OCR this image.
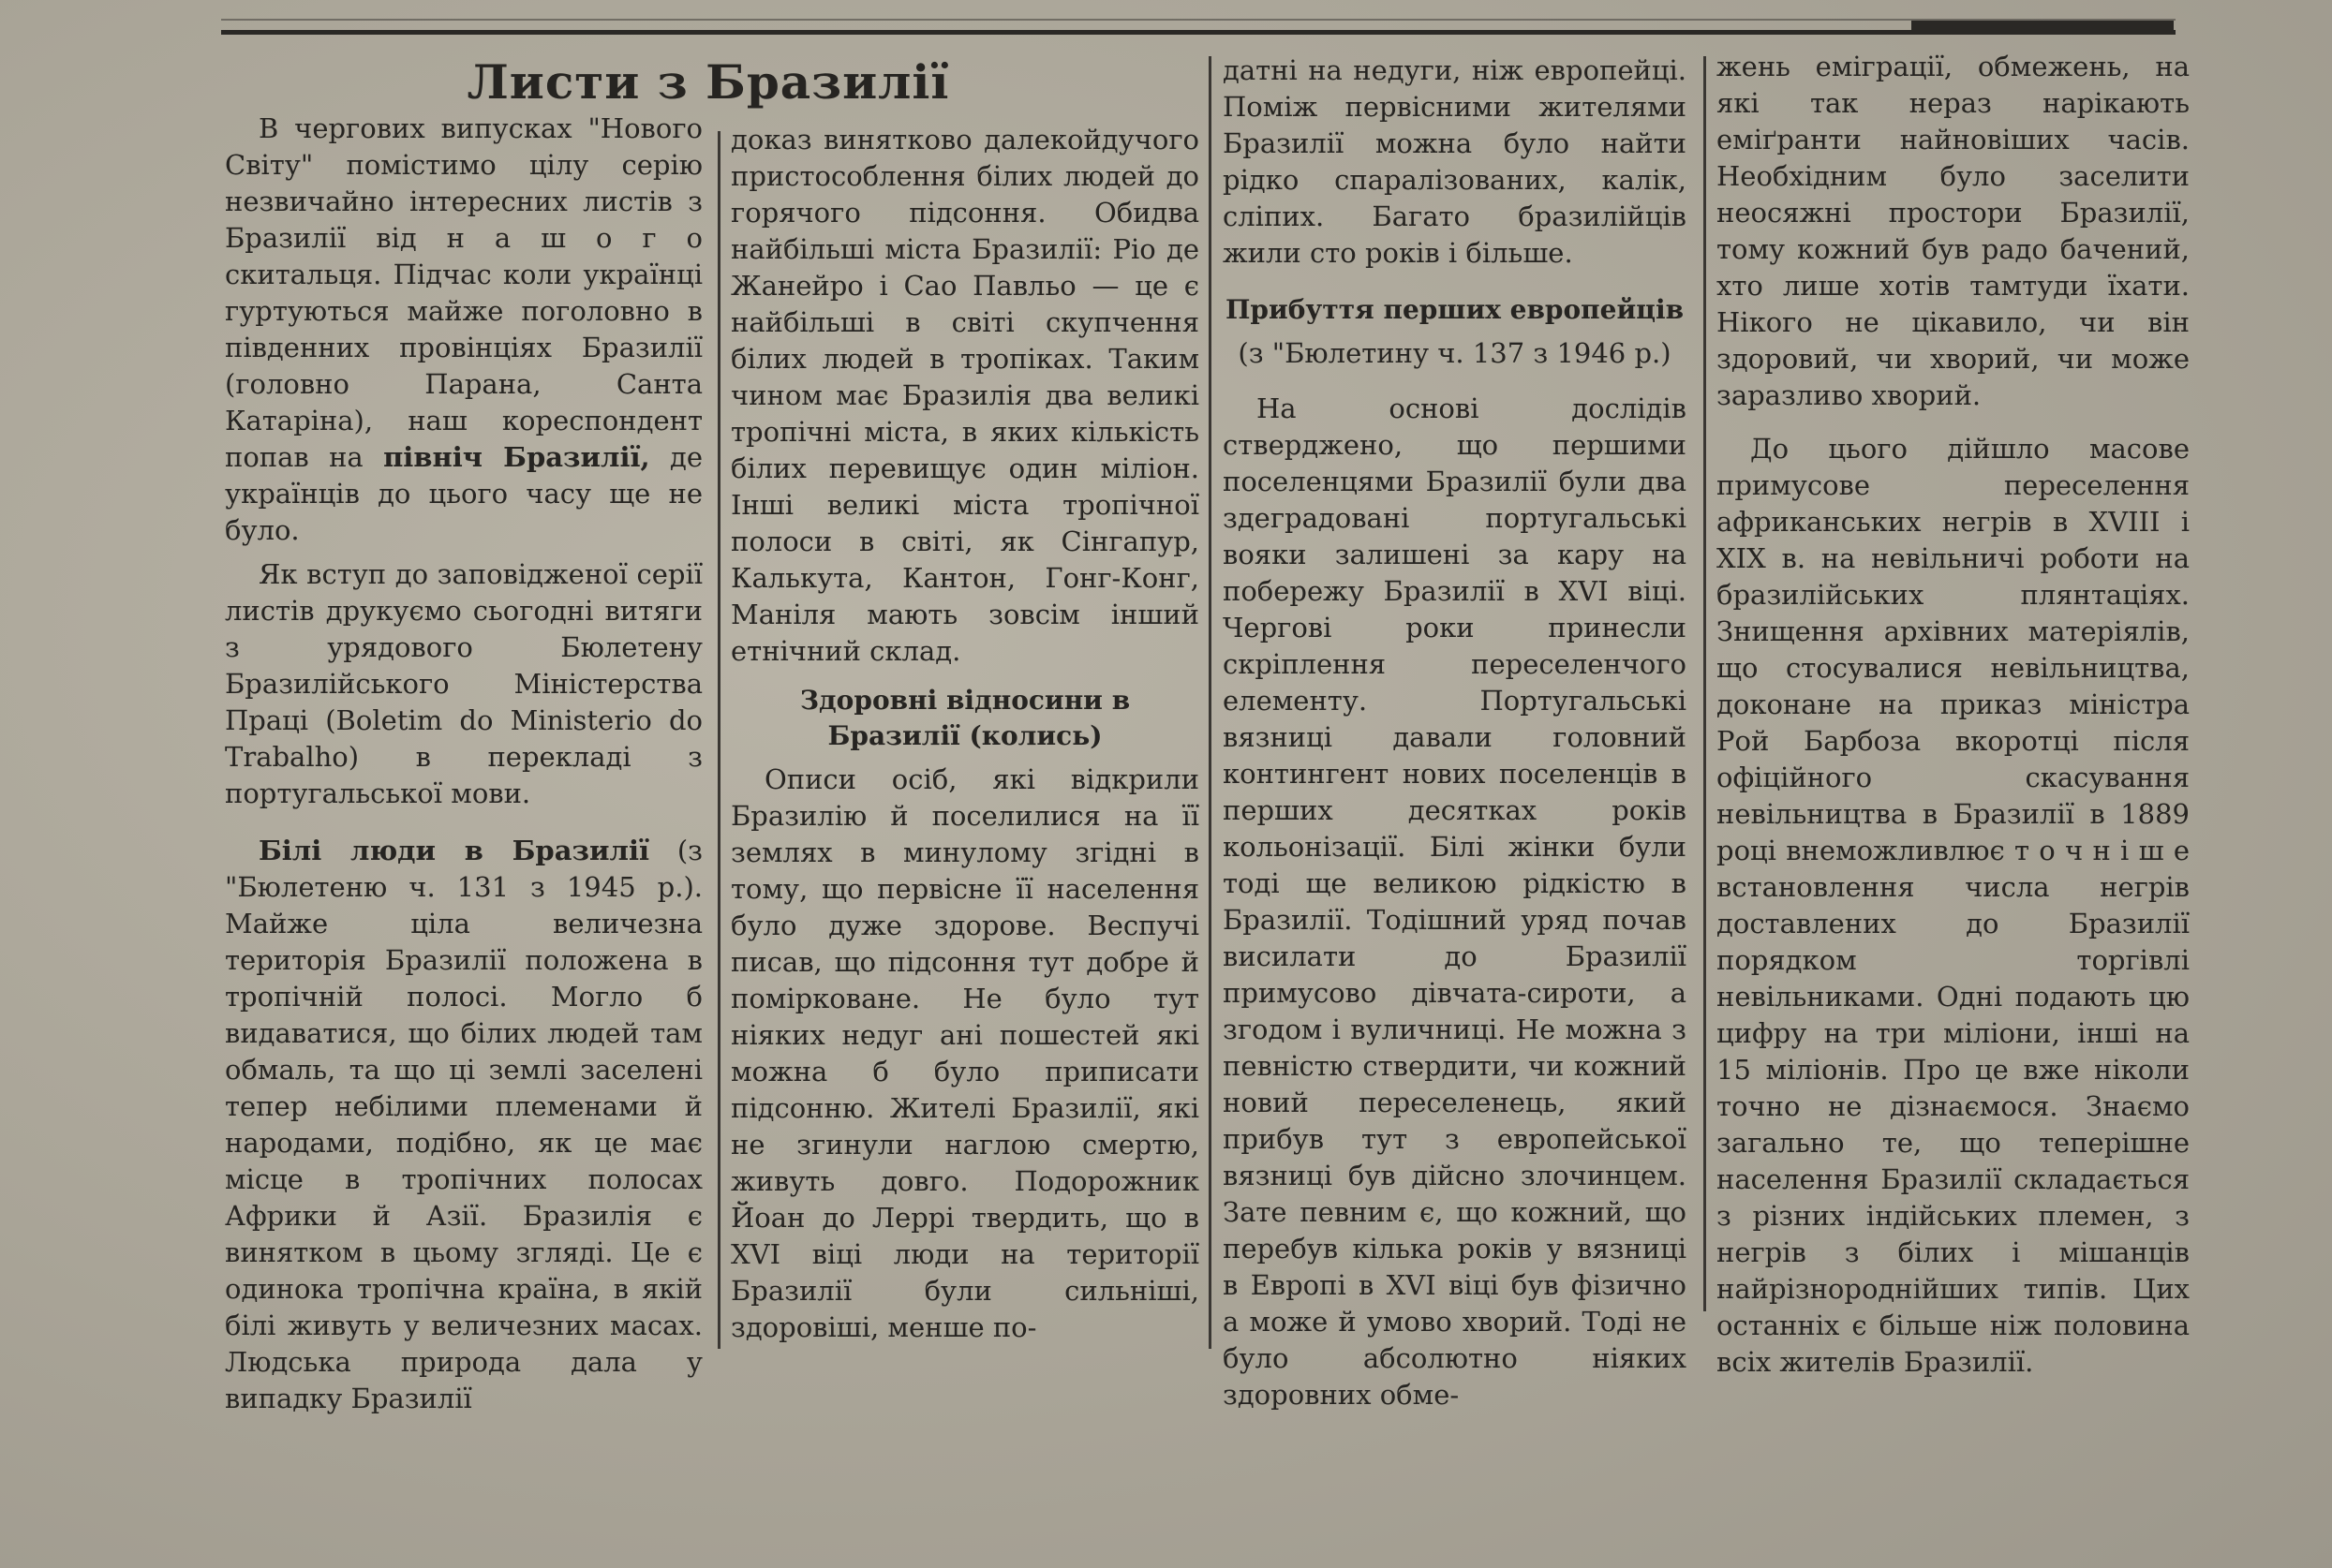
Листи з Бразилії

В чергових випусках "Нового Світу" помістимо цілу серію незвичайно інтересних листів з Бразилії від н а ш о г о скитальця. Підчас коли українці гуртуються майже поголовно в південних провінціях Бразилії (головно Парана, Санта Катаріна), наш кореспондент попав на північ Бразилії, де українців до цього часу ще не було.

Як вступ до заповідженої серії листів друкуємо сьогодні витяги з урядового Бюлетену Бразилійського Міністерства Праці (Boletim do Ministerio do Trabalho) в перекладі з португальської мови.

Білі люди в Бразилії (з "Бюлетеню ч. 131 з 1945 р.). Майже ціла величезна територія Бразилії положена в тропічній полосі. Могло б видаватися, що білих людей там обмаль, та що ці землі заселені тепер небілими племенами й народами, подібно, як це має місце в тропічних полосах Африки й Азії. Бразилія є винятком в цьому згляді. Це є одинока тропічна країна, в якій білі живуть у величезних масах. Людська природа дала у випадку Бразилії

доказ винятково далекойдучого пристособлення білих людей до горячого підсоння. Обидва найбільші міста Бразилії: Ріо де Жанейро і Сао Павльо — це є найбільші в світі скупчення білих людей в тропіках. Таким чином має Бразилія два великі тропічні міста, в яких кількість білих перевищує один міліон. Інші великі міста тропічної полоси в світі, як Сінгапур, Калькута, Кантон, Гонг-Конг, Маніля мають зовсім інший етнічний склад.

Здоровні відносини в Бразилії (колись)

Описи осіб, які відкрили Бразилію й поселилися на її землях в минулому згідні в тому, що первісне її населення було дуже здорове. Веспучі писав, що підсоння тут добре й помірковане. Не було тут ніяких недуг ані пошестей які можна б було приписати підсонню. Жителі Бразилії, які не згинули наглою смертю, живуть довго. Подорожник Йоан до Леррі твердить, що в XVI віці люди на території Бразилії були сильніші, здоровіші, менше по-

датні на недуги, ніж европейці. Поміж первісними жителями Бразилії можна було найти рідко спаралізованих, калік, сліпих. Багато бразилійців жили сто років і більше.

Прибуття перших европейців

(з "Бюлетину ч. 137 з 1946 р.)

На основі дослідів стверджено, що першими поселенцями Бразилії були два здеградовані португальські вояки залишені за кару на побережу Бразилії в XVI віці. Чергові роки принесли скріплення переселенчого елементу. Португальські вязниці давали головний контингент нових поселенців в перших десятках років кольонізації. Білі жінки були тоді ще великою рідкістю в Бразилії. Тодішний уряд почав висилати до Бразилії примусово дівчата-сироти, а згодом і вуличниці. Не можна з певністю ствердити, чи кожний новий переселенець, який прибув тут з европейської вязниці був дійсно злочинцем. Зате певним є, що кожний, що перебув кілька років у вязниці в Европі в XVI віці був фізично а може й умово хворий. Тоді не було абсолютно ніяких здоровних обме-

жень еміграції, обмежень, на які так нераз нарікають еміґранти найновіших часів. Необхідним було заселити неосяжні простори Бразилії, тому кожний був радо бачений, хто лише хотів тамтуди їхати. Нікого не цікавило, чи він здоровий, чи хворий, чи може заразливо хворий.

До цього дійшло масове примусове переселення африканських негрів в XVIII і XIX в. на невільничі роботи на бразилійських плянтаціях. Знищення архівних матеріялів, що стосувалися невільництва, доконане на приказ міністра Рой Барбоза вкоротці після офіційного скасування невільництва в Бразилії в 1889 році внеможливлює т о ч н і ш е встановлення числа негрів доставлених до Бразилії порядком торгівлі невільниками. Одні подають цю цифру на три міліони, інші на 15 міліонів. Про це вже ніколи точно не дізнаємося. Знаємо загально те, що теперішне населення Бразилії складається з різних індійських племен, з негрів з білих і мішанців найрізнороднійших типів. Цих останніх є більше ніж половина всіх жителів Бразилії.
